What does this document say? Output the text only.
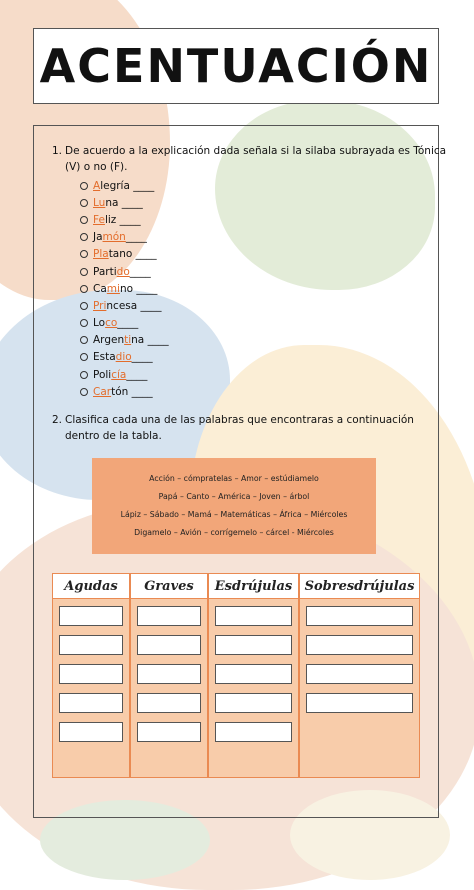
ACENTUACIÓN
1. De acuerdo a la explicación dada señala si la silaba subrayada es Tónica
(V) o no (F).
A legría ____
Lu na ____
Fe liz ____
Ja món ____
Pla tano ____
Parti do ____
Ca mi no ____
Pri ncesa ____
Lo co ____
Argen ti na ____
Esta dio ____
Poli cía ____
Car tón ____
2. Clasifica cada una de las palabras que encontraras a continuación
dentro de la tabla.
Acción – cómpratelas – Amor – estúdiamelo
Papá – Canto – América – Joven – árbol
Lápiz – Sábado – Mamá – Matemáticas – África – Miércoles
Digamelo – Avión – corrígemelo – cárcel - Miércoles
Agudas	Graves	Esdrújulas Sobresdrújulas
